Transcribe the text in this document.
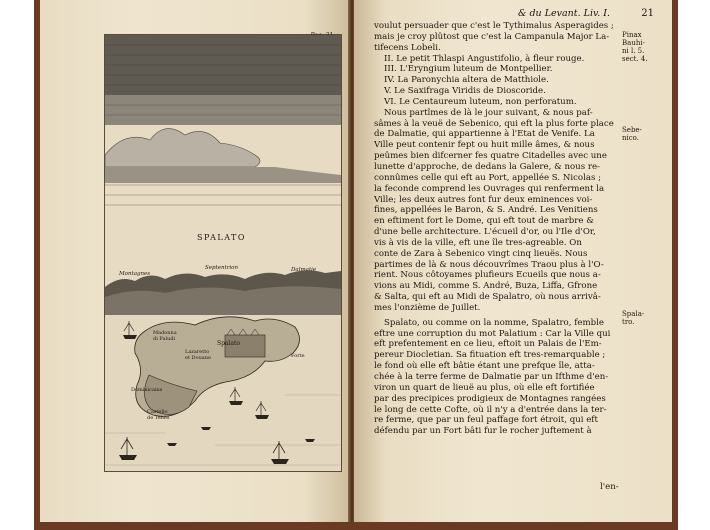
SPALATO
Montagnes
Septentrion	Dalmatie
Spalato
Madonna
di Paludi
Lazaretto
et Douane
Dominicains
Castello
de Tenes
Forte
& du Levant. Liv. I.	21
voulut persuader que c'est le Tythimalus Asperagides ;
mais je croy plûtost que c'est la Campanula Major La-
tifecens Lobeli.
II. Le petit Thlaspi Angustifolio, à fleur rouge.
III. L'Eryngium luteum de Montpellier.
IV. La Paronychia altera de Matthiole.
V. Le Saxifraga Viridis de Dioscoride.
VI. Le Centaureum luteum, non perforatum.
Nous partîmes de là le jour suivant, & nous paf-
sâmes à la veuë de Sebenico, qui eft la plus forte place
de Dalmatie, qui appartienne à l'Etat de Venife. La
Ville peut contenir fept ou huit mille âmes, & nous
peûmes bien difcerner fes quatre Citadelles avec une
lunette d'approche, de dedans la Galere, & nous re-
connûmes celle qui eft au Port, appellée S. Nicolas ;
la feconde comprend les Ouvrages qui renferment la
Ville; les deux autres font fur deux eminences voi-
fines, appellées le Baron, & S. André. Les Venitiens
en eftiment fort le Dome, qui eft tout de marbre &
d'une belle architecture. L'écueil d'or, ou l'Ile d'Or,
vis à vis de la ville, eft une île tres-agreable. On
conte de Zara à Sebenico vingt cinq lieuës. Nous
partimes de là & nous découvrîmes Traou plus à l'O-
rient. Nous côtoyames plufieurs Ecueils que nous a-
vions au Midi, comme S. André, Buza, Liffa, Gfrone
& Salta, qui eft au Midi de Spalatro, où nous arrivâ-
mes l'onzième de Juillet.
Spalato, ou comme on la nomme, Spalatro, femble
eftre une corruption du mot Palatium : Car la Ville qui
eft prefentement en ce lieu, eftoit un Palais de l'Em-
pereur Diocletian. Sa fituation eft tres-remarquable ;
le fond où elle eft bâtie étant une prefque île, atta-
chée à la terre ferme de Dalmatie par un Ifthme d'en-
viron un quart de lieuë au plus, où elle eft fortifiée
par des precipices prodigieux de Montagnes rangées
le long de cette Cofte, où il n'y a d'entrée dans la ter-
re ferme, que par un feul paffage fort étroit, qui eft
défendu par un Fort bâti fur le rocher juftement à
Pinax
Bauhi-
ni l. 5.
sect. 4.
Sebe-
nico.
Spala-
tro.
l'en-
